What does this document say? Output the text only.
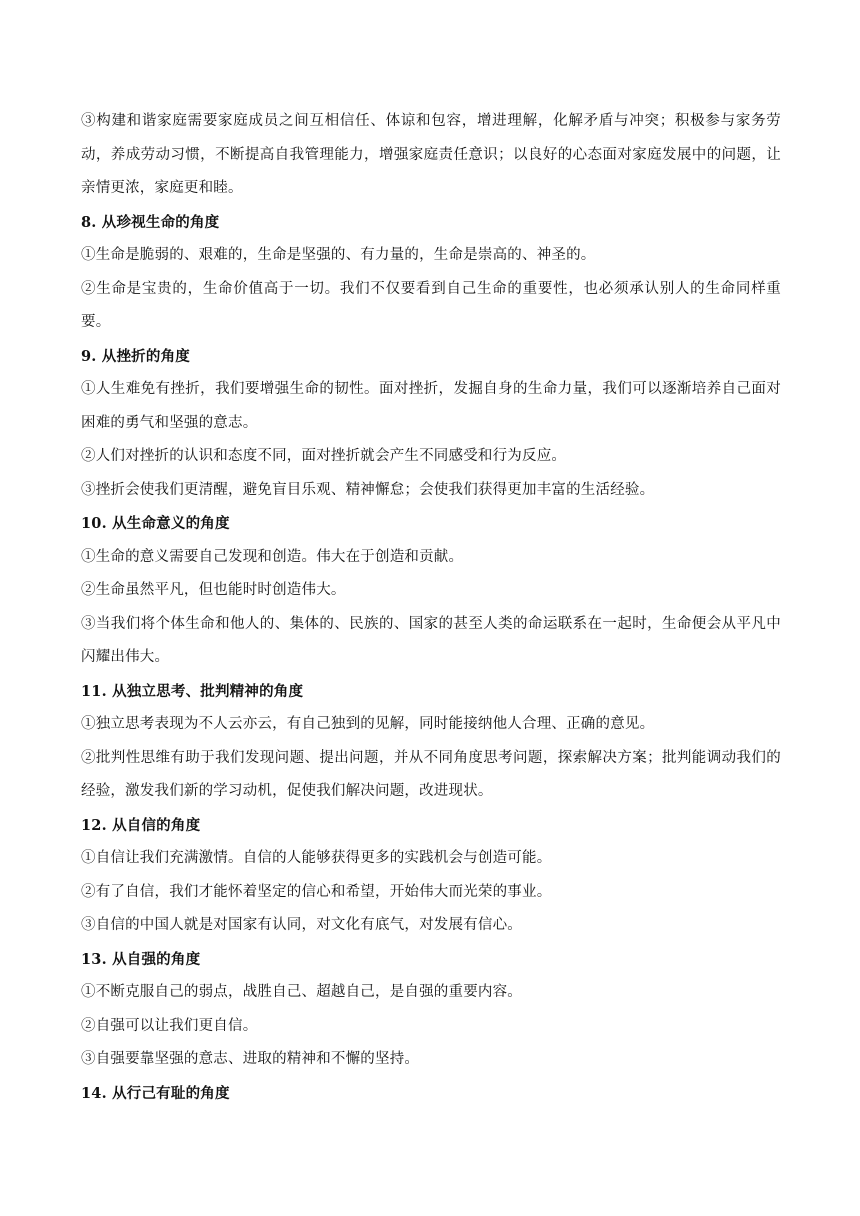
③构建和谐家庭需要家庭成员之间互相信任、体谅和包容，增进理解，化解矛盾与冲突；积极参与家务劳动，养成劳动习惯，不断提高自我管理能力，增强家庭责任意识；以良好的心态面对家庭发展中的问题，让亲情更浓，家庭更和睦。

8. 从珍视生命的角度

①生命是脆弱的、艰难的，生命是坚强的、有力量的，生命是崇高的、神圣的。

②生命是宝贵的，生命价值高于一切。我们不仅要看到自己生命的重要性，也必须承认别人的生命同样重要。

9. 从挫折的角度

①人生难免有挫折，我们要增强生命的韧性。面对挫折，发掘自身的生命力量，我们可以逐渐培养自己面对困难的勇气和坚强的意志。

②人们对挫折的认识和态度不同，面对挫折就会产生不同感受和行为反应。

③挫折会使我们更清醒，避免盲目乐观、精神懈怠；会使我们获得更加丰富的生活经验。

10. 从生命意义的角度

①生命的意义需要自己发现和创造。伟大在于创造和贡献。

②生命虽然平凡，但也能时时创造伟大。

③当我们将个体生命和他人的、集体的、民族的、国家的甚至人类的命运联系在一起时，生命便会从平凡中闪耀出伟大。

11. 从独立思考、批判精神的角度

①独立思考表现为不人云亦云，有自己独到的见解，同时能接纳他人合理、正确的意见。

②批判性思维有助于我们发现问题、提出问题，并从不同角度思考问题，探索解决方案；批判能调动我们的经验，激发我们新的学习动机，促使我们解决问题，改进现状。

12. 从自信的角度

①自信让我们充满激情。自信的人能够获得更多的实践机会与创造可能。

②有了自信，我们才能怀着坚定的信心和希望，开始伟大而光荣的事业。

③自信的中国人就是对国家有认同，对文化有底气，对发展有信心。

13. 从自强的角度

①不断克服自己的弱点，战胜自己、超越自己，是自强的重要内容。

②自强可以让我们更自信。

③自强要靠坚强的意志、进取的精神和不懈的坚持。

14. 从行己有耻的角度
